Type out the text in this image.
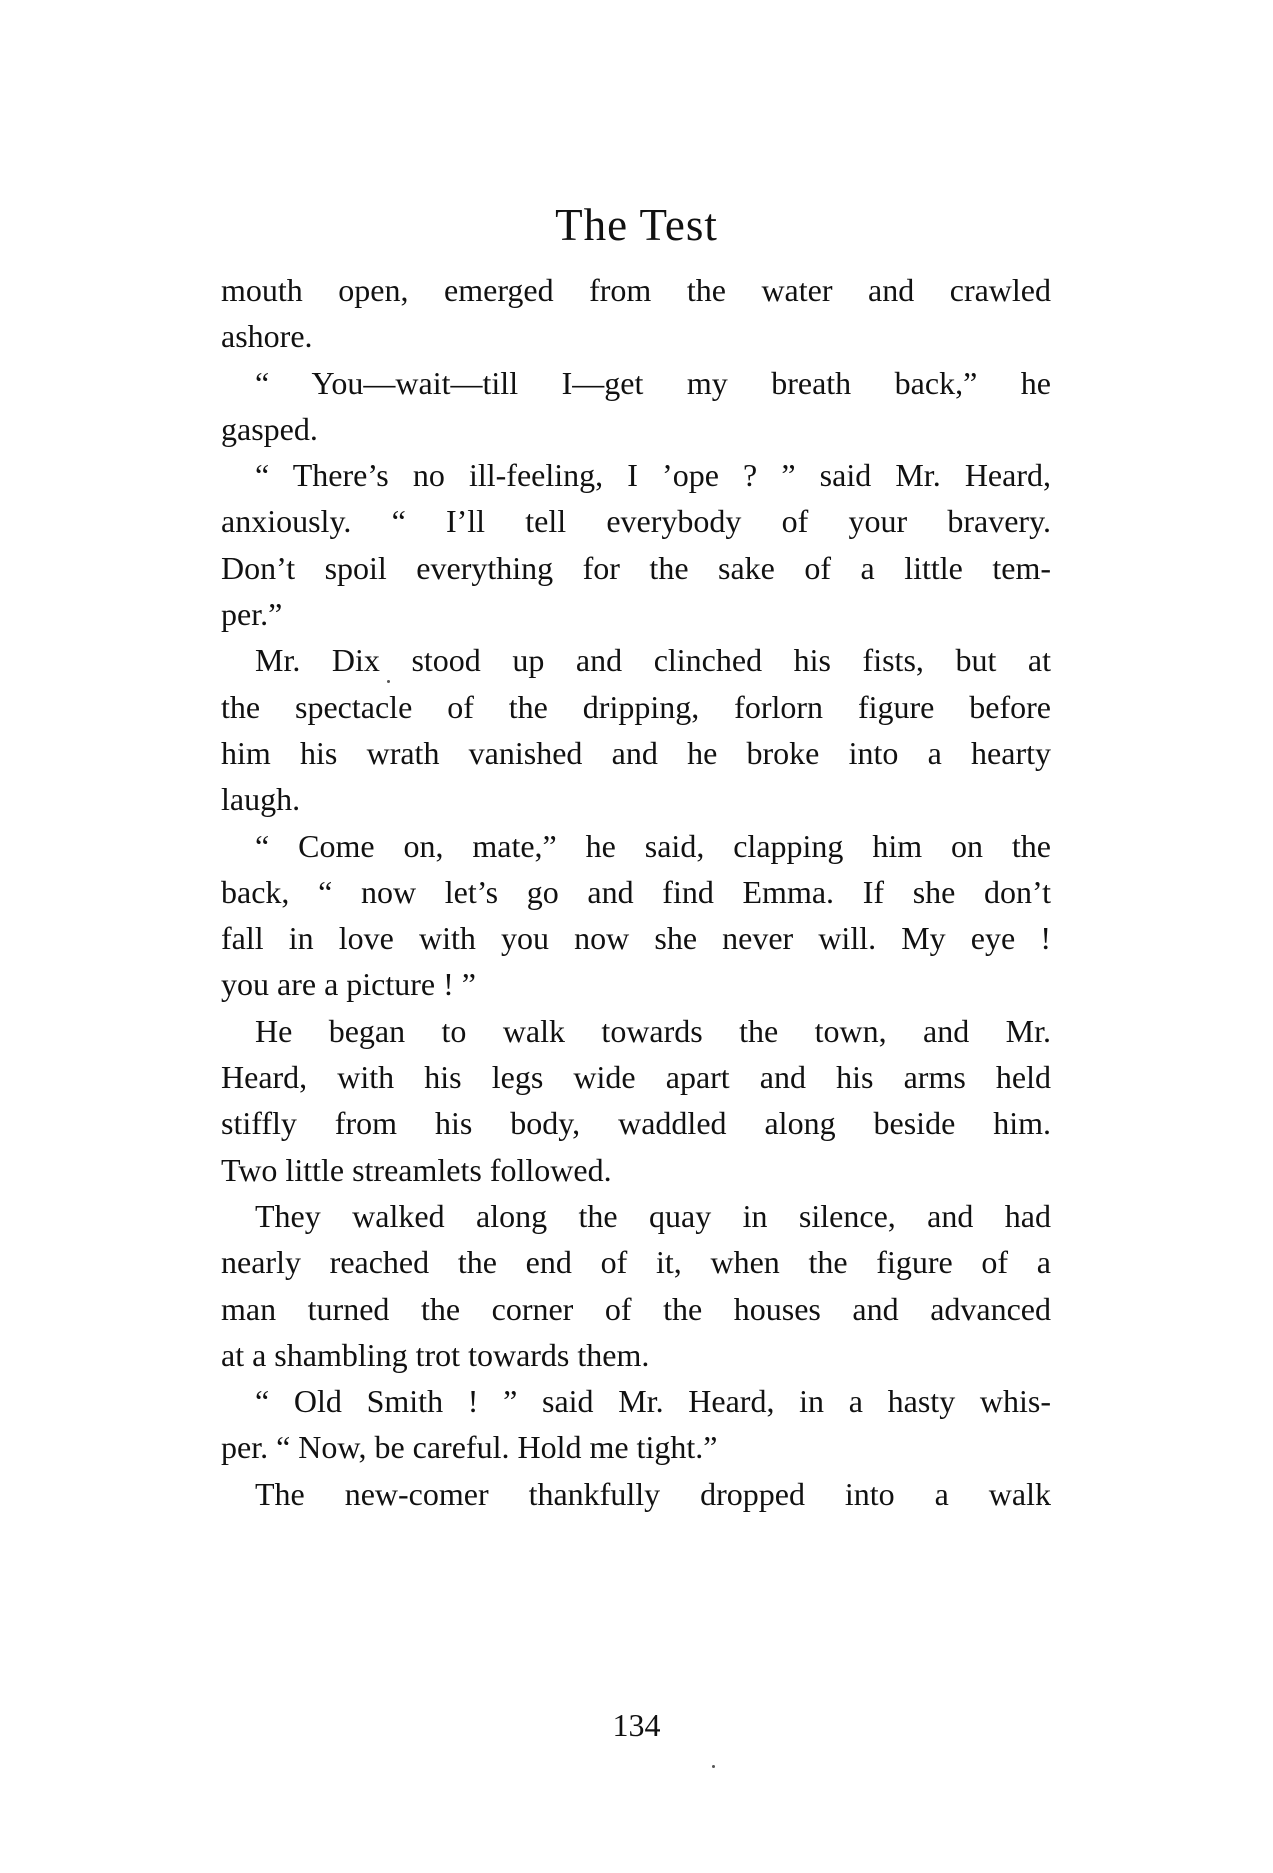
The Test
mouth open, emerged from the water and crawled
ashore.
“ You—wait—till I—get my breath back,” he
gasped.
“ There’s no ill-feeling, I ’ope ? ” said Mr. Heard,
anxiously. “ I’ll tell everybody of your bravery.
Don’t spoil everything for the sake of a little tem-
per.”
Mr. Dix stood up and clinched his fists, but at
the spectacle of the dripping, forlorn figure before
him his wrath vanished and he broke into a hearty
laugh.
“ Come on, mate,” he said, clapping him on the
back, “ now let’s go and find Emma. If she don’t
fall in love with you now she never will. My eye !
you are a picture ! ”
He began to walk towards the town, and Mr.
Heard, with his legs wide apart and his arms held
stiffly from his body, waddled along beside him.
Two little streamlets followed.
They walked along the quay in silence, and had
nearly reached the end of it, when the figure of a
man turned the corner of the houses and advanced
at a shambling trot towards them.
“ Old Smith ! ” said Mr. Heard, in a hasty whis-
per. “ Now, be careful. Hold me tight.”
The new-comer thankfully dropped into a walk
134
